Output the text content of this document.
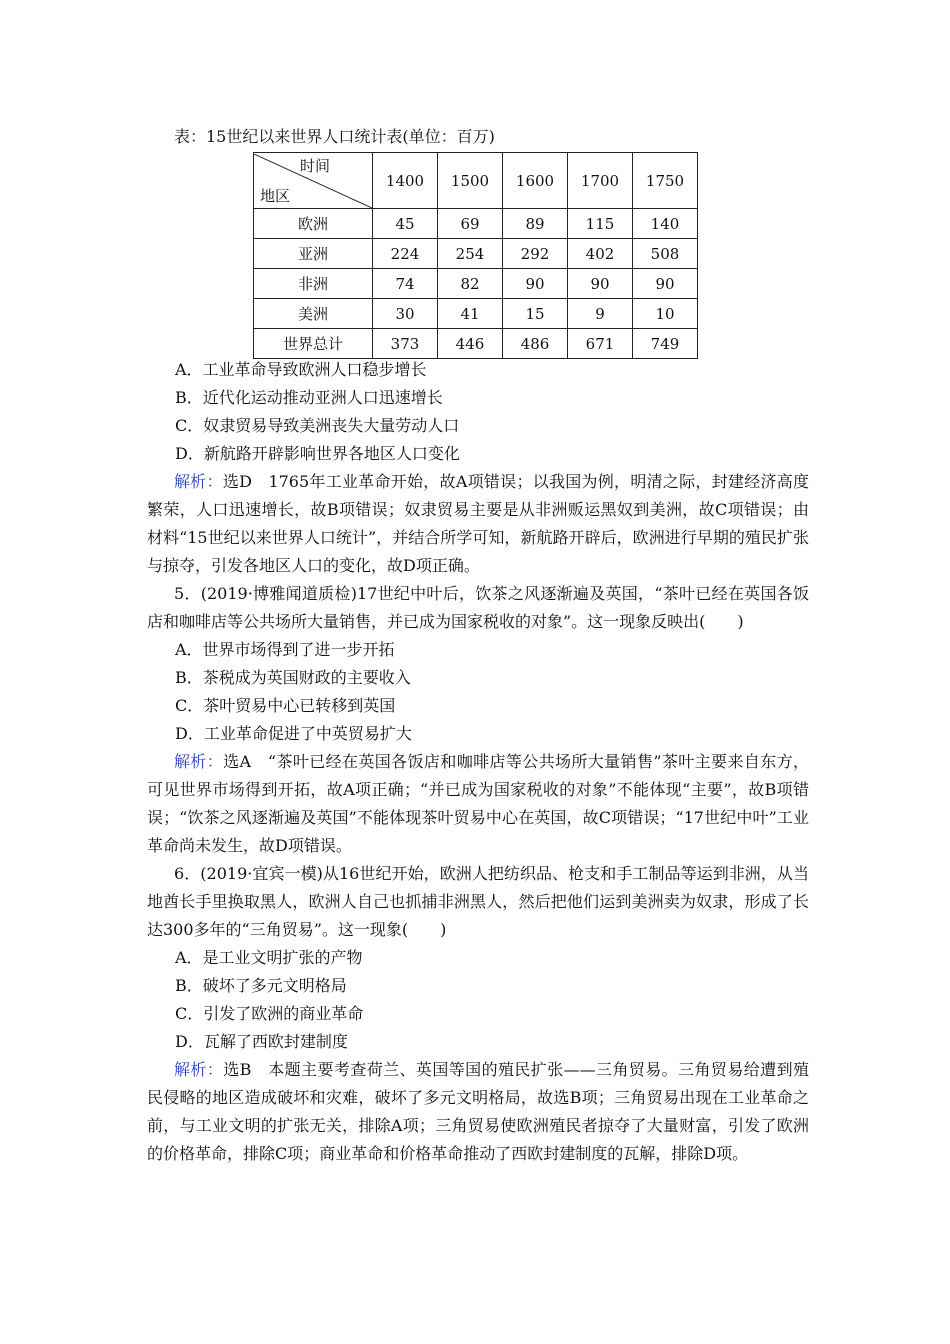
表：15世纪以来世界人口统计表(单位：百万)
时间
地区	1400	1500	1600	1700	1750
欧洲	45	69	89	115	140
亚洲	224	254	292	402	508
非洲	74	82	90	90	90
美洲	30	41	15	9	10
世界总计	373	446	486	671	749

A．工业革命导致欧洲人口稳步增长

B．近代化运动推动亚洲人口迅速增长

C．奴隶贸易导致美洲丧失大量劳动人口

D．新航路开辟影响世界各地区人口变化

解析：选D　1765年工业革命开始，故A项错误；以我国为例，明清之际，封建经济高度繁荣，人口迅速增长，故B项错误；奴隶贸易主要是从非洲贩运黑奴到美洲，故C项错误；由材料“15世纪以来世界人口统计”，并结合所学可知，新航路开辟后，欧洲进行早期的殖民扩张与掠夺，引发各地区人口的变化，故D项正确。

5．(2019·博雅闻道质检)17世纪中叶后，饮茶之风逐渐遍及英国，“茶叶已经在英国各饭店和咖啡店等公共场所大量销售，并已成为国家税收的对象”。这一现象反映出(　　)

A．世界市场得到了进一步开拓

B．茶税成为英国财政的主要收入

C．茶叶贸易中心已转移到英国

D．工业革命促进了中英贸易扩大

解析：选A　“茶叶已经在英国各饭店和咖啡店等公共场所大量销售”茶叶主要来自东方，可见世界市场得到开拓，故A项正确；“并已成为国家税收的对象”不能体现“主要”，故B项错误；“饮茶之风逐渐遍及英国”不能体现茶叶贸易中心在英国，故C项错误；“17世纪中叶”工业革命尚未发生，故D项错误。

6．(2019·宜宾一模)从16世纪开始，欧洲人把纺织品、枪支和手工制品等运到非洲，从当地酋长手里换取黑人，欧洲人自己也抓捕非洲黑人，然后把他们运到美洲卖为奴隶，形成了长达300多年的“三角贸易”。这一现象(　　)

A．是工业文明扩张的产物

B．破坏了多元文明格局

C．引发了欧洲的商业革命

D．瓦解了西欧封建制度

解析：选B　本题主要考查荷兰、英国等国的殖民扩张——三角贸易。三角贸易给遭到殖民侵略的地区造成破坏和灾难，破坏了多元文明格局，故选B项；三角贸易出现在工业革命之前，与工业文明的扩张无关，排除A项；三角贸易使欧洲殖民者掠夺了大量财富，引发了欧洲的价格革命，排除C项；商业革命和价格革命推动了西欧封建制度的瓦解，排除D项。
